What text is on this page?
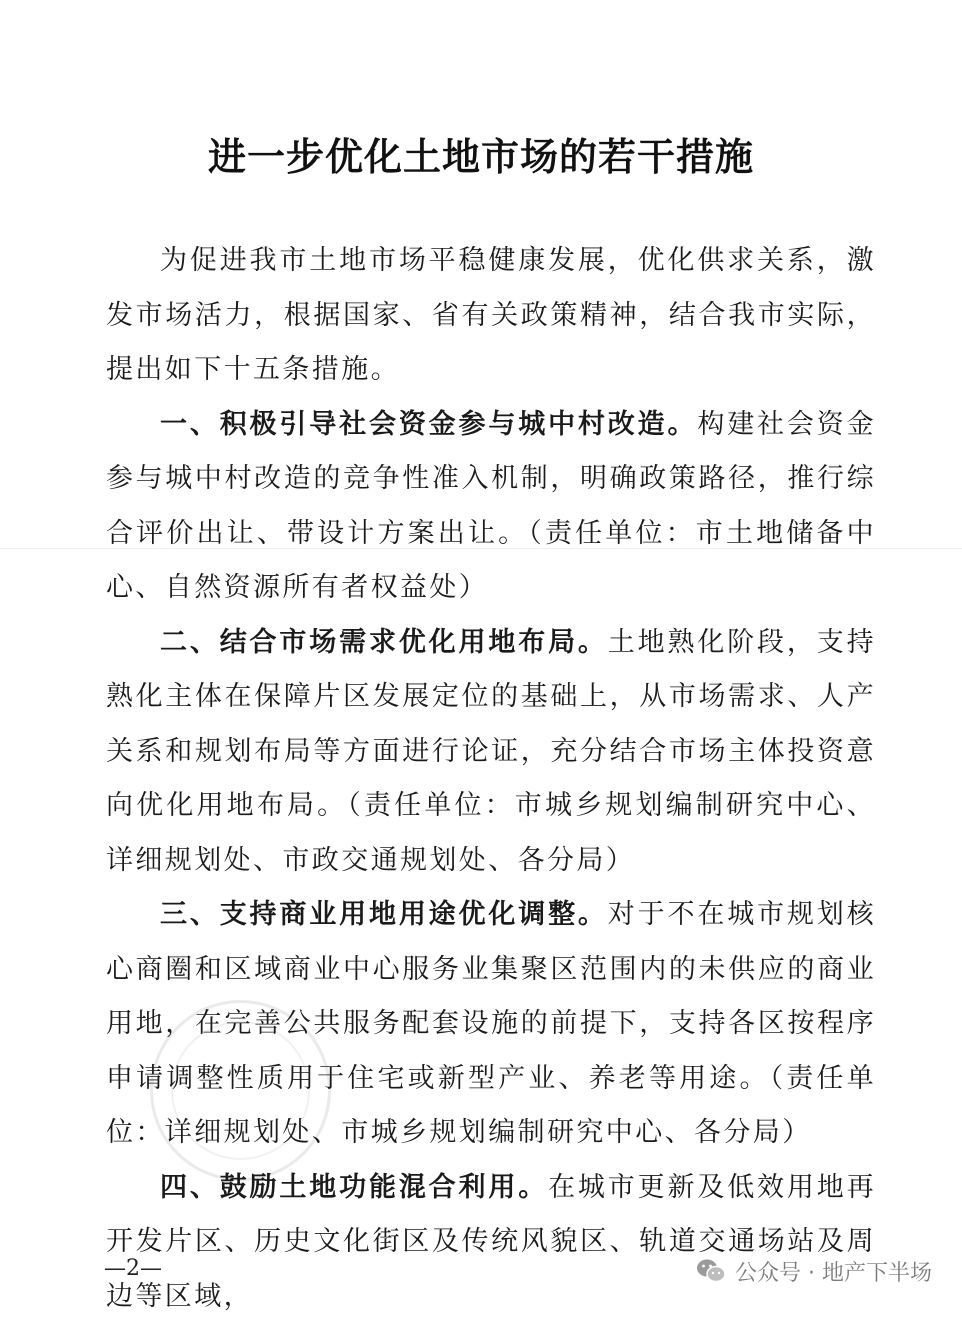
进一步优化土地市场的若干措施

为促进我市土地市场平稳健康发展，优化供求关系，激发市场活力，根据国家、省有关政策精神，结合我市实际，提出如下十五条措施。

一、积极引导社会资金参与城中村改造。构建社会资金参与城中村改造的竞争性准入机制，明确政策路径，推行综合评价出让、带设计方案出让。（责任单位：市土地储备中心、自然资源所有者权益处）

二、结合市场需求优化用地布局。土地熟化阶段，支持熟化主体在保障片区发展定位的基础上，从市场需求、人产关系和规划布局等方面进行论证，充分结合市场主体投资意向优化用地布局。（责任单位：市城乡规划编制研究中心、详细规划处、市政交通规划处、各分局）

三、支持商业用地用途优化调整。对于不在城市规划核心商圈和区域商业中心服务业集聚区范围内的未供应的商业用地，在完善公共服务配套设施的前提下，支持各区按程序申请调整性质用于住宅或新型产业、养老等用途。（责任单位：详细规划处、市城乡规划编制研究中心、各分局）

四、鼓励土地功能混合利用。在城市更新及低效用地再开发片区、历史文化街区及传统风貌区、轨道交通场站及周边等区域，

—2—	公众号 · 地产下半场
